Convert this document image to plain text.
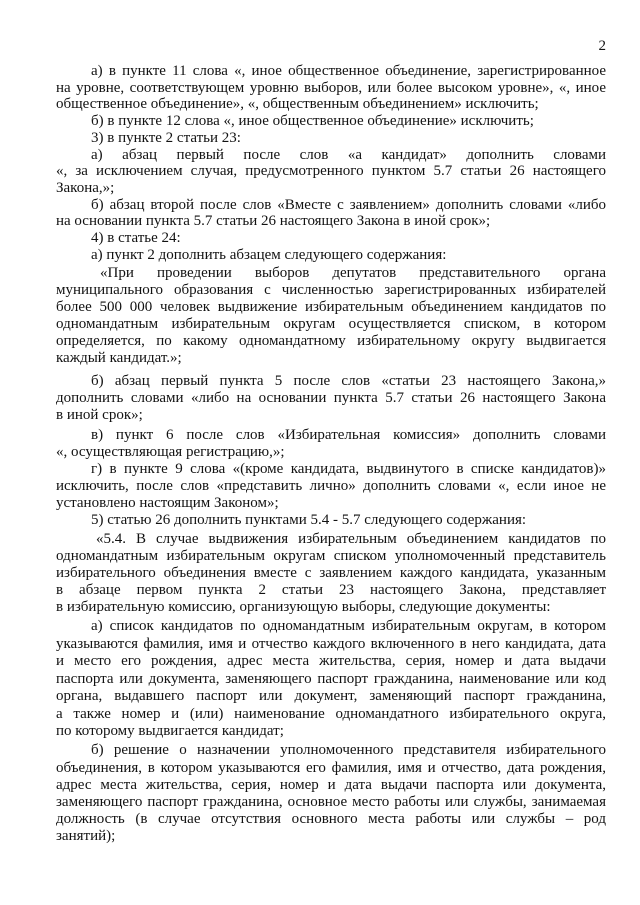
2
а) в пункте 11 слова «, иное общественное объединение, зарегистрированное
на уровне, соответствующем уровню выборов, или более высоком уровне», «, иное
общественное объединение», «, общественным объединением» исключить;
б) в пункте 12 слова «, иное общественное объединение» исключить;
3) в пункте 2 статьи 23:
а) абзац первый после слов «а кандидат» дополнить словами
«, за исключением случая, предусмотренного пунктом 5.7 статьи 26 настоящего
Закона,»;
б) абзац второй после слов «Вместе с заявлением» дополнить словами «либо
на основании пункта 5.7 статьи 26 настоящего Закона в иной срок»;
4) в статье 24:
а) пункт 2 дополнить абзацем следующего содержания:
«При проведении выборов депутатов представительного органа
муниципального образования с численностью зарегистрированных избирателей
более 500 000 человек выдвижение избирательным объединением кандидатов по
одномандатным избирательным округам осуществляется списком, в котором
определяется, по какому одномандатному избирательному округу выдвигается
каждый кандидат.»;
б) абзац первый пункта 5 после слов «статьи 23 настоящего Закона,»
дополнить словами «либо на основании пункта 5.7 статьи 26 настоящего Закона
в иной срок»;
в) пункт 6 после слов «Избирательная комиссия» дополнить словами
«, осуществляющая регистрацию,»;
г) в пункте 9 слова «(кроме кандидата, выдвинутого в списке кандидатов)»
исключить, после слов «представить лично» дополнить словами «, если иное не
установлено настоящим Законом»;
5) статью 26 дополнить пунктами 5.4 - 5.7 следующего содержания:
«5.4. В случае выдвижения избирательным объединением кандидатов по
одномандатным избирательным округам списком уполномоченный представитель
избирательного объединения вместе с заявлением каждого кандидата, указанным
в абзаце первом пункта 2 статьи 23 настоящего Закона, представляет
в избирательную комиссию, организующую выборы, следующие документы:
а) список кандидатов по одномандатным избирательным округам, в котором
указываются фамилия, имя и отчество каждого включенного в него кандидата, дата
и место его рождения, адрес места жительства, серия, номер и дата выдачи
паспорта или документа, заменяющего паспорт гражданина, наименование или код
органа, выдавшего паспорт или документ, заменяющий паспорт гражданина,
а также номер и (или) наименование одномандатного избирательного округа,
по которому выдвигается кандидат;
б) решение о назначении уполномоченного представителя избирательного
объединения, в котором указываются его фамилия, имя и отчество, дата рождения,
адрес места жительства, серия, номер и дата выдачи паспорта или документа,
заменяющего паспорт гражданина, основное место работы или службы, занимаемая
должность (в случае отсутствия основного места работы или службы – род
занятий);
